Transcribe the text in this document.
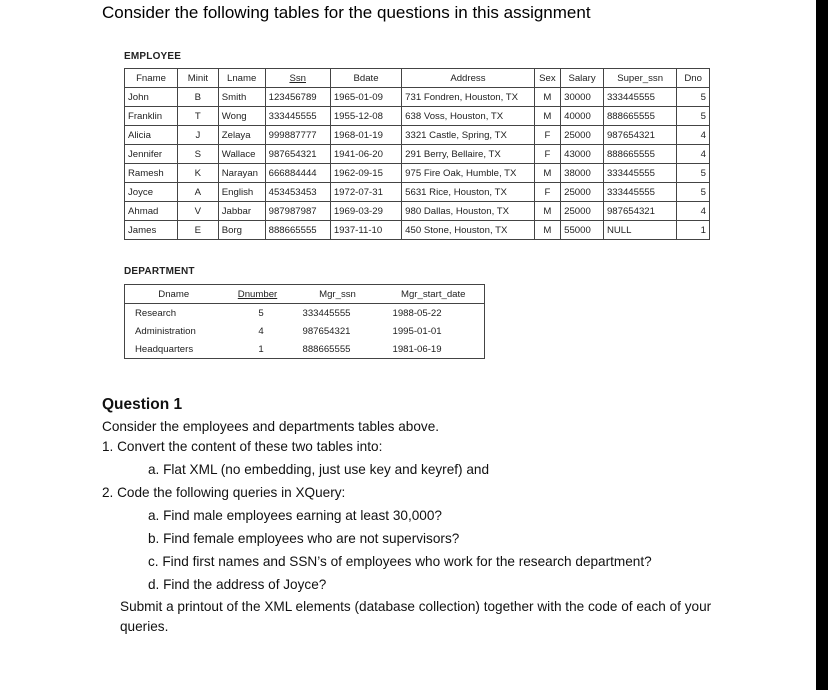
Consider the following tables for the questions in this assignment
EMPLOYEE
Fname	Minit	Lname	Ssn	Bdate	Address	Sex	Salary	Super_ssn	Dno
John	B	Smith	123456789	1965-01-09	731 Fondren, Houston, TX	M	30000	333445555	5
Franklin	T	Wong	333445555	1955-12-08	638 Voss, Houston, TX	M	40000	888665555	5
Alicia	J	Zelaya	999887777	1968-01-19	3321 Castle, Spring, TX	F	25000	987654321	4
Jennifer	S	Wallace	987654321	1941-06-20	291 Berry, Bellaire, TX	F	43000	888665555	4
Ramesh	K	Narayan	666884444	1962-09-15	975 Fire Oak, Humble, TX	M	38000	333445555	5
Joyce	A	English	453453453	1972-07-31	5631 Rice, Houston, TX	F	25000	333445555	5
Ahmad	V	Jabbar	987987987	1969-03-29	980 Dallas, Houston, TX	M	25000	987654321	4
James	E	Borg	888665555	1937-11-10	450 Stone, Houston, TX	M	55000	NULL	1
DEPARTMENT
Dname	Dnumber	Mgr_ssn	Mgr_start_date
Research	5	333445555	1988-05-22
Administration	4	987654321	1995-01-01
Headquarters	1	888665555	1981-06-19
Question 1
Consider the employees and departments tables above.
1. Convert the content of these two tables into:
a. Flat XML (no embedding, just use key and keyref) and
2. Code the following queries in XQuery:
a. Find male employees earning at least 30,000?
b. Find female employees who are not supervisors?
c. Find first names and SSN’s of employees who work for the research department?
d. Find the address of Joyce?
Submit a printout of the XML elements (database collection) together with the code of each of your queries.
